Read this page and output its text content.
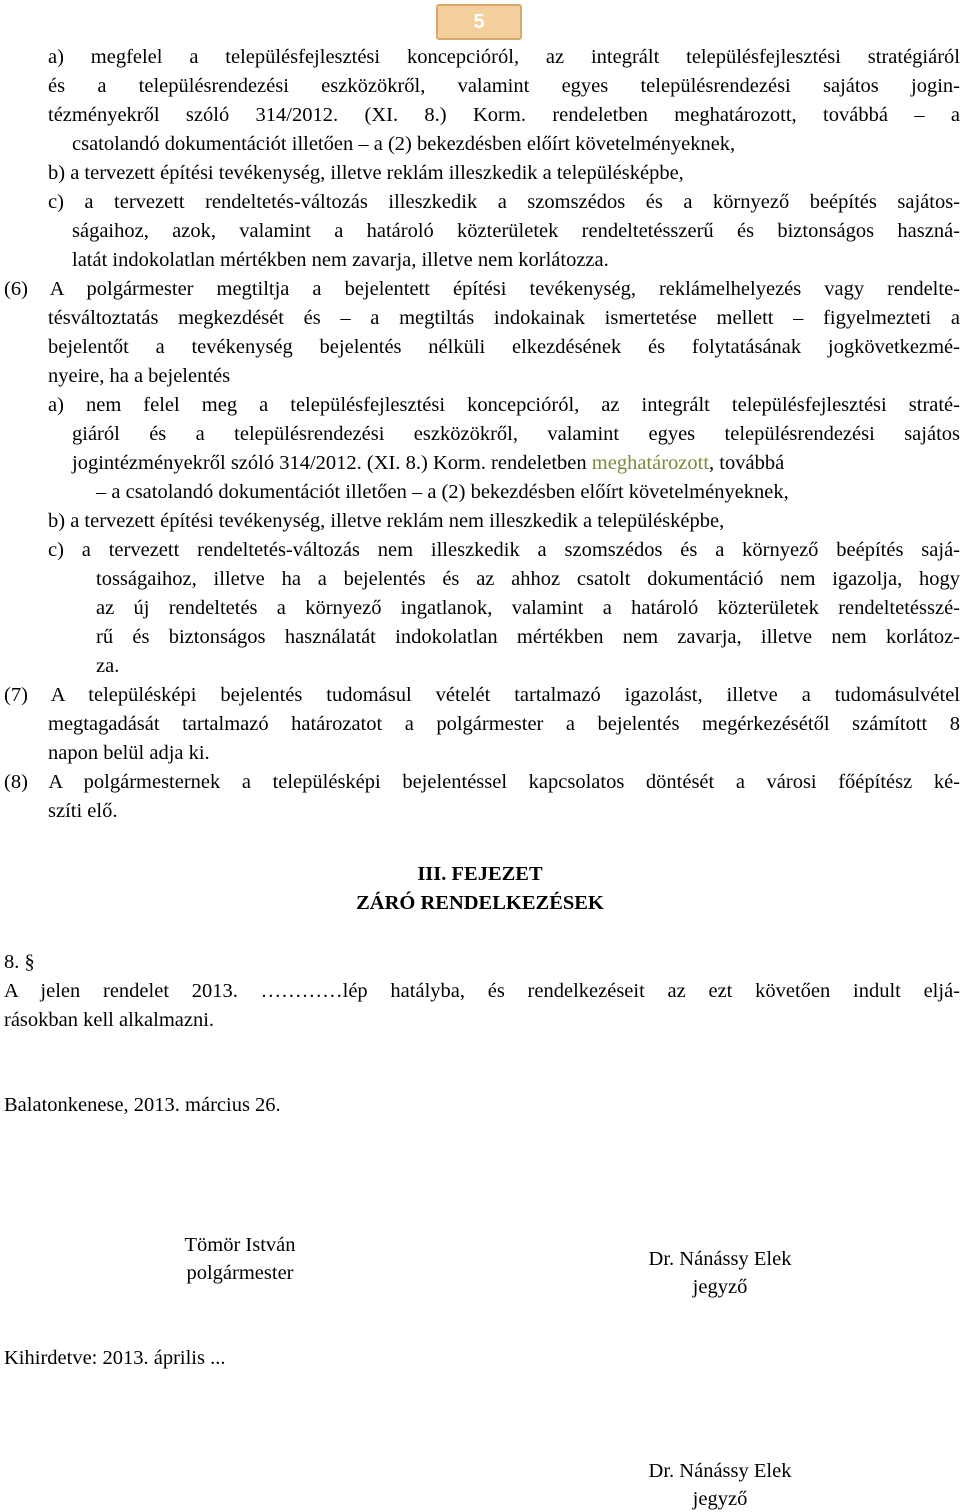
5
a) megfelel a településfejlesztési koncepcióról, az integrált településfejlesztési stratégiáról
és a településrendezési eszközökről, valamint egyes településrendezési sajátos jogin-
tézményekről szóló 314/2012. (XI. 8.) Korm. rendeletben meghatározott, továbbá – a
csatolandó dokumentációt illetően – a (2) bekezdésben előírt követelményeknek,
b) a tervezett építési tevékenység, illetve reklám illeszkedik a településképbe,
c) a tervezett rendeltetés-változás illeszkedik a szomszédos és a környező beépítés sajátos-
ságaihoz, azok, valamint a határoló közterületek rendeltetésszerű és biztonságos haszná-
latát indokolatlan mértékben nem zavarja, illetve nem korlátozza.
(6) A polgármester megtiltja a bejelentett építési tevékenység, reklámelhelyezés vagy rendelte-
tésváltoztatás megkezdését és – a megtiltás indokainak ismertetése mellett – figyelmezteti a
bejelentőt a tevékenység bejelentés nélküli elkezdésének és folytatásának jogkövetkezmé-
nyeire, ha a bejelentés
a) nem felel meg a településfejlesztési koncepcióról, az integrált településfejlesztési straté-
giáról és a településrendezési eszközökről, valamint egyes településrendezési sajátos
jogintézményekről szóló 314/2012. (XI. 8.) Korm. rendeletben meghatározott, továbbá
– a csatolandó dokumentációt illetően – a (2) bekezdésben előírt követelményeknek,
b) a tervezett építési tevékenység, illetve reklám nem illeszkedik a településképbe,
c) a tervezett rendeltetés-változás nem illeszkedik a szomszédos és a környező beépítés sajá-
tosságaihoz, illetve ha a bejelentés és az ahhoz csatolt dokumentáció nem igazolja, hogy
az új rendeltetés a környező ingatlanok, valamint a határoló közterületek rendeltetésszé-
rű és biztonságos használatát indokolatlan mértékben nem zavarja, illetve nem korlátoz-
za.
(7) A településképi bejelentés tudomásul vételét tartalmazó igazolást, illetve a tudomásulvétel
megtagadását tartalmazó határozatot a polgármester a bejelentés megérkezésétől számított 8
napon belül adja ki.
(8) A polgármesternek a településképi bejelentéssel kapcsolatos döntését a városi főépítész ké-
szíti elő.
III. FEJEZET
ZÁRÓ RENDELKEZÉSEK
8. §
A jelen rendelet 2013. …………lép hatályba, és rendelkezéseit az ezt követően indult eljá-
rásokban kell alkalmazni.
Balatonkenese, 2013. március 26.
Tömör István
polgármester
Dr. Nánássy Elek
jegyző
Kihirdetve: 2013. április ...
Dr. Nánássy Elek
jegyző
